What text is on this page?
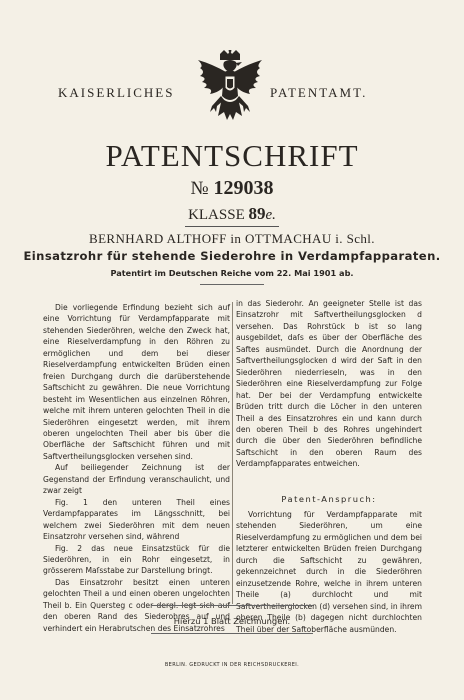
KAISERLICHES	PATENTAMT.
PATENTSCHRIFT
№ 129038
KLASSE 89e.
BERNHARD ALTHOFF in OTTMACHAU i. Schl.
Einsatzrohr für stehende Siederohre in Verdampfapparaten.
Patentirt im Deutschen Reiche vom 22. Mai 1901 ab.

Die vorliegende Erfindung bezieht sich auf eine Vorrichtung für Verdampfapparate mit stehenden Siederöhren, welche den Zweck hat, eine Rieselverdampfung in den Röhren zu ermöglichen und dem bei dieser Rieselverdampfung entwickelten Brüden einen freien Durchgang durch die darüberstehende Saftschicht zu gewähren. Die neue Vorrichtung besteht im Wesentlichen aus einzelnen Röhren, welche mit ihrem unteren gelochten Theil in die Siederöhren eingesetzt werden, mit ihrem oberen ungelochten Theil aber bis über die Oberfläche der Saftschicht führen und mit Saftvertheilungsglocken versehen sind.

Auf beiliegender Zeichnung ist der Gegenstand der Erfindung veranschaulicht, und zwar zeigt

Fig. 1 den unteren Theil eines Verdampfapparates im Längsschnitt, bei welchem zwei Siederöhren mit dem neuen Einsatzrohr versehen sind, während

Fig. 2 das neue Einsatzstück für die Siederöhren, in ein Rohr eingesetzt, in grösserem Maſsstabe zur Darstellung bringt.

Das Einsatzrohr besitzt einen unteren gelochten Theil a und einen oberen ungelochten Theil b. Ein Quersteg c oder dergl. legt sich auf den oberen Rand des Siederohres auf und verhindert ein Herabrutschen des Einsatzrohres

in das Siederohr. An geeigneter Stelle ist das Einsatzrohr mit Saftvertheilungsglocken d versehen. Das Rohrstück b ist so lang ausgebildet, daſs es über der Oberfläche des Saftes ausmündet. Durch die Anordnung der Saftvertheilungsglocken d wird der Saft in den Siederöhren niederrieseln, was in den Siederöhren eine Rieselverdampfung zur Folge hat. Der bei der Verdampfung entwickelte Brüden tritt durch die Löcher in den unteren Theil a des Einsatzrohres ein und kann durch den oberen Theil b des Rohres ungehindert durch die über den Siederöhren befindliche Saftschicht in den oberen Raum des Verdampfapparates entweichen.

Patent-Anspruch:

Vorrichtung für Verdampfapparate mit stehenden Siederöhren, um eine Rieselverdampfung zu ermöglichen und dem bei letzterer entwickelten Brüden freien Durchgang durch die Saftschicht zu gewähren, gekennzeichnet durch in die Siederöhren einzusetzende Rohre, welche in ihrem unteren Theile (a) durchlocht und mit Saftvertheilerglocken (d) versehen sind, in ihrem oberen Theile (b) dagegen nicht durchlochten Theil über der Saftoberfläche ausmünden.

Hierzu 1 Blatt Zeichnungen.
BERLIN. GEDRUCKT IN DER REICHSDRUCKEREI.
